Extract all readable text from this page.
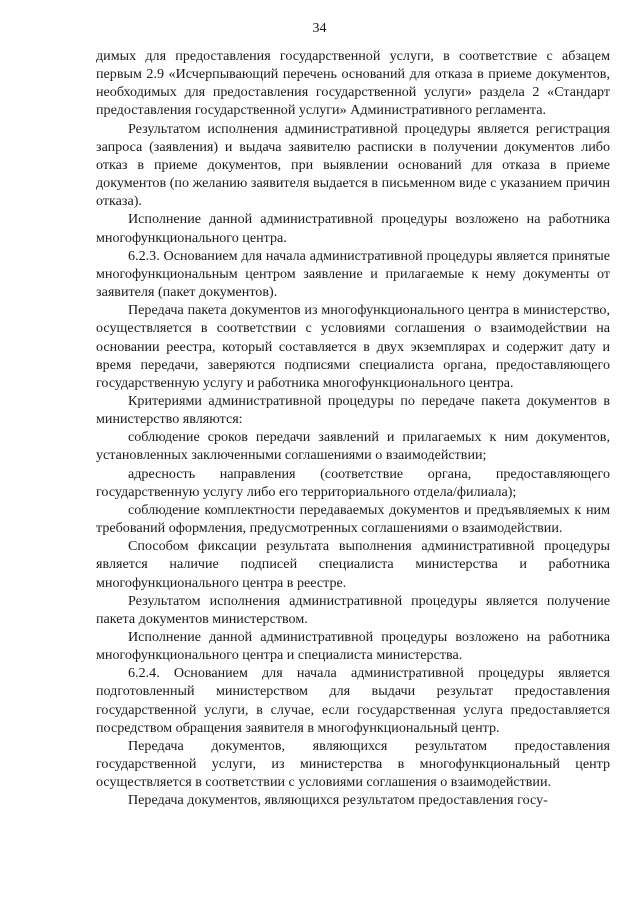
34

димых для предоставления государственной услуги, в соответствие с абзацем первым 2.9 «Исчерпывающий перечень оснований для отказа в приеме документов, необходимых для предоставления государственной услуги» раздела 2 «Стандарт предоставления государственной услуги» Административного регламента.

Результатом исполнения административной процедуры является регистрация запроса (заявления) и выдача заявителю расписки в получении документов либо отказ в приеме документов, при выявлении оснований для отказа в приеме документов (по желанию заявителя выдается в письменном виде с указанием причин отказа).

Исполнение данной административной процедуры возложено на работника многофункционального центра.

6.2.3. Основанием для начала административной процедуры является принятые многофункциональным центром заявление и прилагаемые к нему документы от заявителя (пакет документов).

Передача пакета документов из многофункционального центра в министерство, осуществляется в соответствии с условиями соглашения о взаимодействии на основании реестра, который составляется в двух экземплярах и содержит дату и время передачи, заверяются подписями специалиста органа, предоставляющего государственную услугу и работника многофункционального центра.

Критериями административной процедуры по передаче пакета документов в министерство являются:

соблюдение сроков передачи заявлений и прилагаемых к ним документов, установленных заключенными соглашениями о взаимодействии;

адресность направления (соответствие органа, предоставляющего государственную услугу либо его территориального отдела/филиала);

соблюдение комплектности передаваемых документов и предъявляемых к ним требований оформления, предусмотренных соглашениями о взаимодействии.

Способом фиксации результата выполнения административной процедуры является наличие подписей специалиста министерства и работника многофункционального центра в реестре.

Результатом исполнения административной процедуры является получение пакета документов министерством.

Исполнение данной административной процедуры возложено на работника многофункционального центра и специалиста министерства.

6.2.4. Основанием для начала административной процедуры является подготовленный министерством для выдачи результат предоставления государственной услуги, в случае, если государственная услуга предоставляется посредством обращения заявителя в многофункциональный центр.

Передача документов, являющихся результатом предоставления государственной услуги, из министерства в многофункциональный центр осуществляется в соответствии с условиями соглашения о взаимодействии.

Передача документов, являющихся результатом предоставления госу-
